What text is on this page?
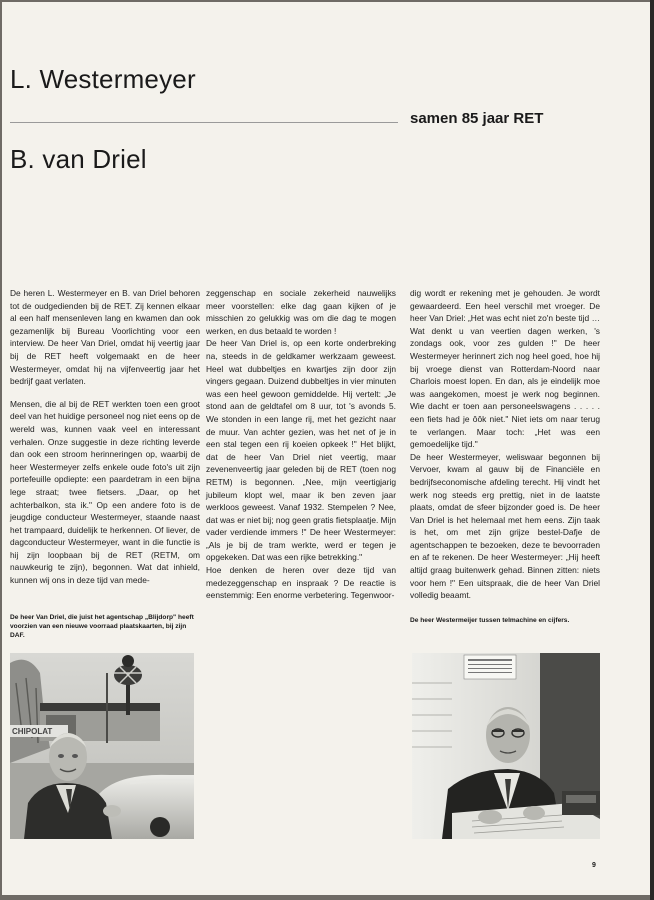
L. Westermeyer
samen 85 jaar RET
B. van Driel

De heren L. Westermeyer en B. van Driel behoren tot de oudgedienden bij de RET. Zij kennen elkaar al een half mensenleven lang en kwamen dan ook gezamenlijk bij Bureau Voorlichting voor een interview. De heer Van Driel, omdat hij veertig jaar bij de RET heeft volgemaakt en de heer Westermeyer, omdat hij na vijfenveertig jaar het bedrijf gaat verlaten.

Mensen, die al bij de RET werkten toen een groot deel van het huidige personeel nog niet eens op de wereld was, kunnen vaak veel en interessant verhalen. Onze suggestie in deze richting leverde dan ook een stroom herinneringen op, waarbij de heer Westermeyer zelfs enkele oude foto's uit zijn portefeuille opdiepte: een paardetram in een bijna lege straat; twee fietsers. „Daar, op het achterbalkon, sta ik." Op een andere foto is de jeugdige conducteur Westermeyer, staande naast het trampaard, duidelijk te herkennen. Of liever, de dagconducteur Westermeyer, want in die functie is hij zijn loopbaan bij de RET (RETM, om nauwkeurig te zijn), begonnen. Wat dat inhield, kunnen wij ons in deze tijd van mede-

zeggenschap en sociale zekerheid nauwelijks meer voorstellen: elke dag gaan kijken of je misschien zo gelukkig was om die dag te mogen werken, en dus betaald te worden !

De heer Van Driel is, op een korte onderbreking na, steeds in de geldkamer werkzaam geweest. Heel wat dubbeltjes en kwartjes zijn door zijn vingers gegaan. Duizend dubbeltjes in vier minuten was een heel gewoon gemiddelde. Hij vertelt: „Je stond aan de geldtafel om 8 uur, tot 's avonds 5. We stonden in een lange rij, met het gezicht naar de muur. Van achter gezien, was het net of je in een stal tegen een rij koeien opkeek !" Het blijkt, dat de heer Van Driel niet veertig, maar zevenenveertig jaar geleden bij de RET (toen nog RETM) is begonnen. „Nee, mijn veertigjarig jubileum klopt wel, maar ik ben zeven jaar werkloos geweest. Vanaf 1932. Stempelen ? Nee, dat was er niet bij; nog geen gratis fietsplaatje. Mijn vader verdiende immers !" De heer Westermeyer: „Als je bij de tram werkte, werd er tegen je opgekeken. Dat was een rijke betrekking."

Hoe denken de heren over deze tijd van medezeggenschap en inspraak ? De reactie is eenstemmig: Een enorme verbetering. Tegenwoor-

dig wordt er rekening met je gehouden. Je wordt gewaardeerd. Een heel verschil met vroeger. De heer Van Driel: „Het was echt niet zo'n beste tijd … Wat denkt u van veertien dagen werken, 's zondags ook, voor zes gulden !" De heer Westermeyer herinnert zich nog heel goed, hoe hij bij vroege dienst van Rotterdam-Noord naar Charlois moest lopen. En dan, als je eindelijk moe was aangekomen, moest je werk nog beginnen. Wie dacht er toen aan personeelswagens . . . . . een fiets had je ôôk niet." Niet iets om naar terug te verlangen. Maar toch: „Het was een gemoedelijke tijd."

De heer Westermeyer, weliswaar begonnen bij Vervoer, kwam al gauw bij de Financiële en bedrijfseconomische afdeling terecht. Hij vindt het werk nog steeds erg prettig, niet in de laatste plaats, omdat de sfeer bijzonder goed is. De heer Van Driel is het helemaal met hem eens. Zijn taak is het, om met zijn grijze bestel-Dafje de agentschappen te bezoeken, deze te bevoorraden en af te rekenen. De heer Westermeyer: „Hij heeft altijd graag buitenwerk gehad. Binnen zitten: niets voor hem !" Een uitspraak, die de heer Van Driel volledig beaamt.

De heer Van Driel, die juist het agentschap „Blijdorp" heeft voorzien van een nieuwe voorraad plaatskaarten, bij zijn DAF.
De heer Westermeijer tussen telmachine en cijfers.
CHIPOLAT
9
